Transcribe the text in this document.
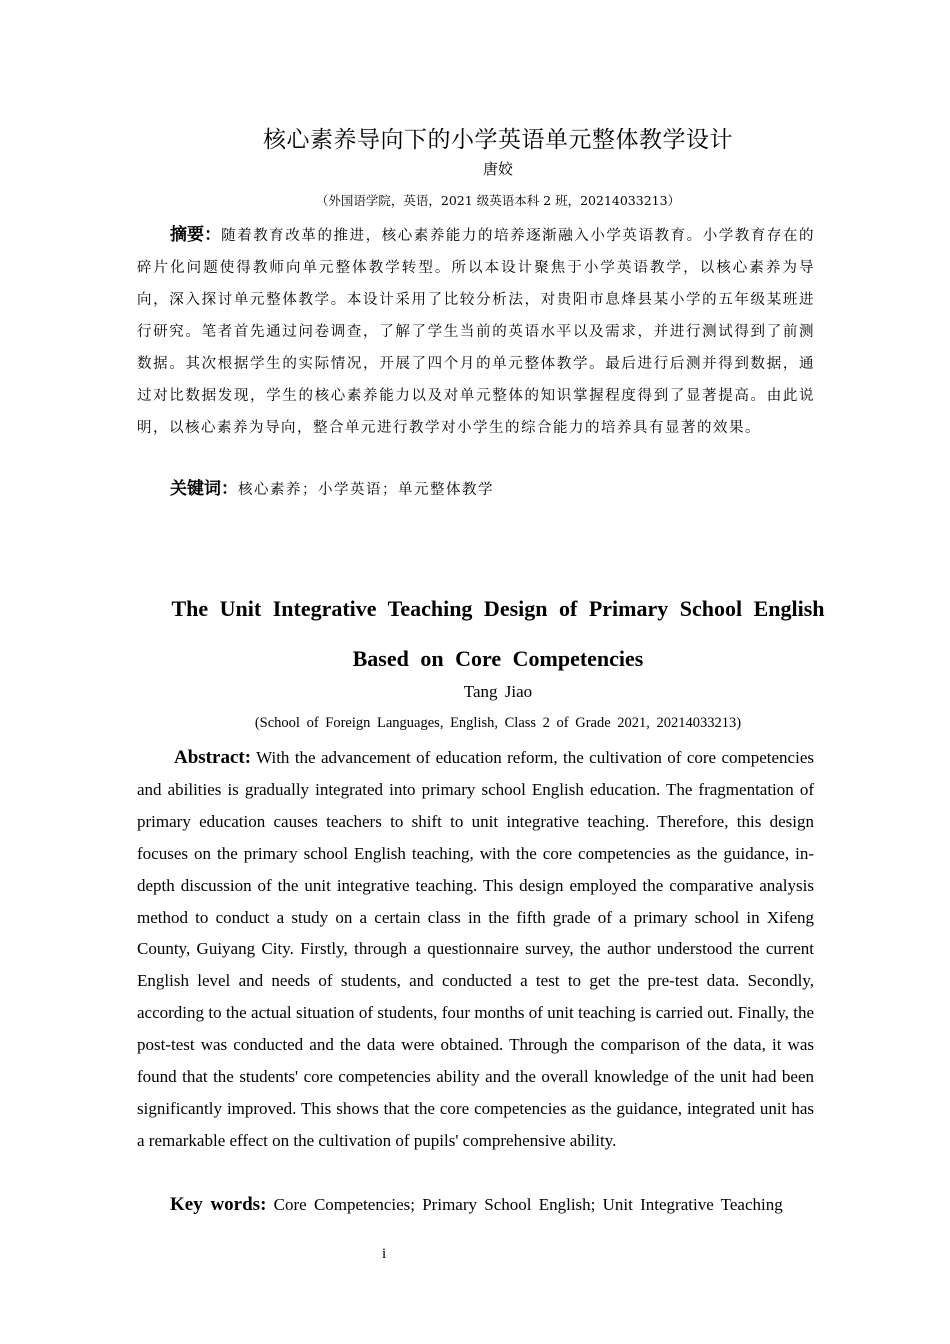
核心素养导向下的小学英语单元整体教学设计
唐姣
（外国语学院，英语，2021 级英语本科 2 班，20214033213）

摘要：随着教育改革的推进，核心素养能力的培养逐渐融入小学英语教育。小学教育存在的碎片化问题使得教师向单元整体教学转型。所以本设计聚焦于小学英语教学，以核心素养为导向，深入探讨单元整体教学。本设计采用了比较分析法，对贵阳市息烽县某小学的五年级某班进行研究。笔者首先通过问卷调查，了解了学生当前的英语水平以及需求，并进行测试得到了前测数据。其次根据学生的实际情况，开展了四个月的单元整体教学。最后进行后测并得到数据，通过对比数据发现，学生的核心素养能力以及对单元整体的知识掌握程度得到了显著提高。由此说明，以核心素养为导向，整合单元进行教学对小学生的综合能力的培养具有显著的效果。

关键词：核心素养；小学英语；单元整体教学

The Unit Integrative Teaching Design of Primary School English Based on Core Competencies

Tang Jiao
(School of Foreign Languages, English, Class 2 of Grade 2021, 20214033213)

Abstract: With the advancement of education reform, the cultivation of core competencies and abilities is gradually integrated into primary school English education. The fragmentation of primary education causes teachers to shift to unit integrative teaching. Therefore, this design focuses on the primary school English teaching, with the core competencies as the guidance, in-depth discussion of the unit integrative teaching. This design employed the comparative analysis method to conduct a study on a certain class in the fifth grade of a primary school in Xifeng County, Guiyang City. Firstly, through a questionnaire survey, the author understood the current English level and needs of students, and conducted a test to get the pre-test data. Secondly, according to the actual situation of students, four months of unit teaching is carried out. Finally, the post-test was conducted and the data were obtained. Through the comparison of the data, it was found that the students' core competencies ability and the overall knowledge of the unit had been significantly improved. This shows that the core competencies as the guidance, integrated unit has a remarkable effect on the cultivation of pupils' comprehensive ability.

Key words: Core Competencies; Primary School English; Unit Integrative Teaching

i
